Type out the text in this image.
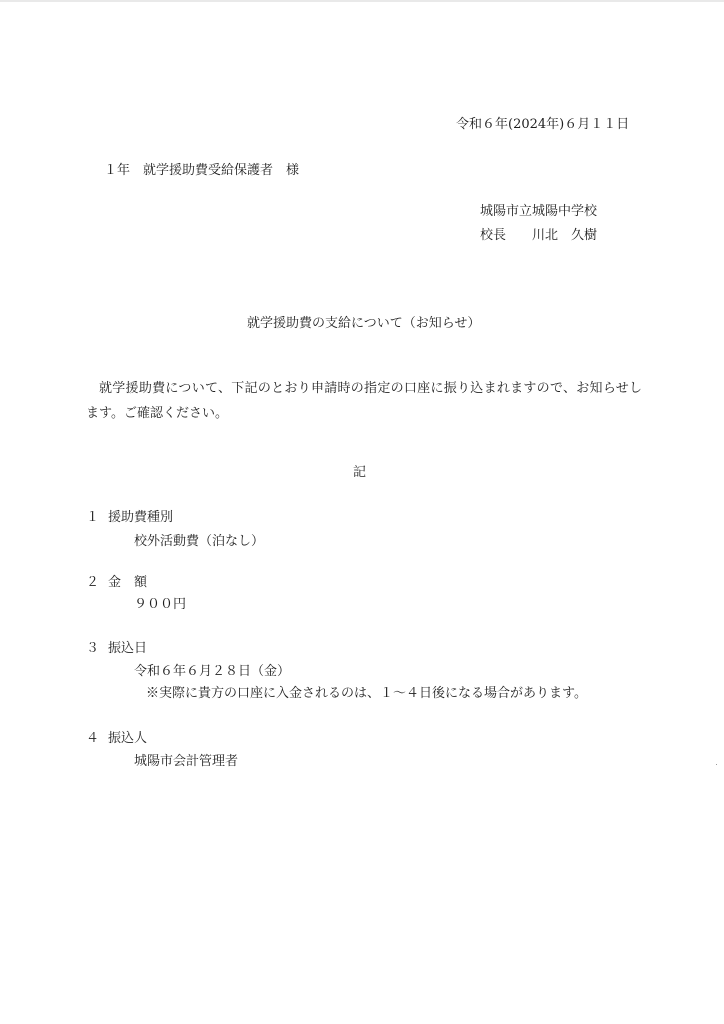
令和６年(2024年)６月１１日
１年　就学援助費受給保護者　様
城陽市立城陽中学校
校長　　川北　久樹
就学援助費の支給について（お知らせ）
就学援助費について、下記のとおり申請時の指定の口座に振り込まれますので、お知らせします。ご確認ください。
記
１ 援助費種別
校外活動費（泊なし）
２ 金　額
９００円
３ 振込日
令和６年６月２８日（金）
※実際に貴方の口座に入金されるのは、１～４日後になる場合があります。
４ 振込人
城陽市会計管理者
